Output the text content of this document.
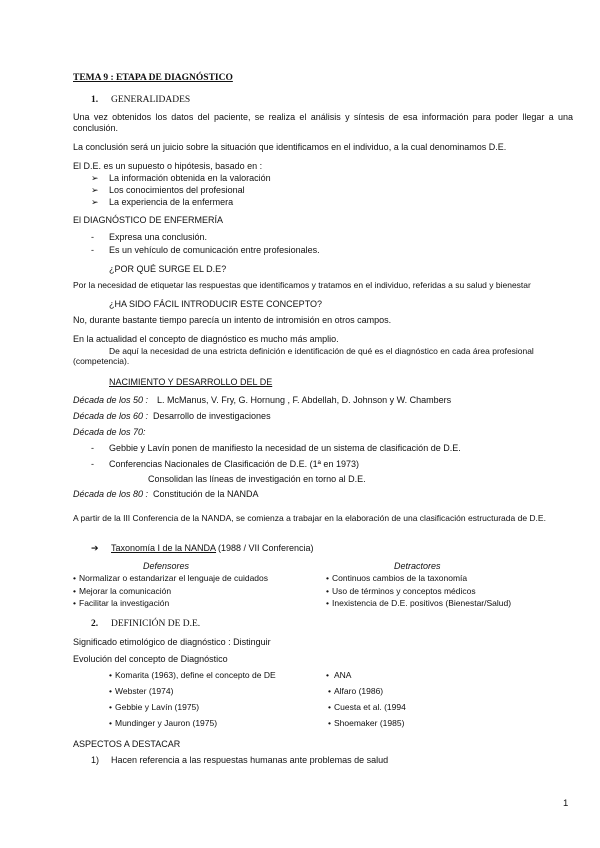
TEMA 9 : ETAPA DE DIAGNÓSTICO
1. GENERALIDADES
Una vez obtenidos los datos del paciente, se realiza el análisis y síntesis de esa información para poder llegar a una conclusión.
La conclusión será un juicio sobre la situación que identificamos en el individuo, a la cual denominamos D.E.
El D.E. es un supuesto o hipótesis, basado en :
➢ La información obtenida en la valoración
➢ Los conocimientos del profesional
➢ La experiencia de la enfermera
El DIAGNÓSTICO DE ENFERMERÍA
- Expresa una conclusión.
- Es un vehículo de comunicación entre profesionales.
¿POR QUÉ SURGE EL D.E?
Por la necesidad de etiquetar las respuestas que identificamos y tratamos en el individuo, referidas a su salud y bienestar
¿HA SIDO FÁCIL INTRODUCIR ESTE CONCEPTO?
No, durante bastante tiempo parecía un intento de intromisión en otros campos.
En la actualidad el concepto de diagnóstico es mucho más amplio.
De aquí la necesidad de una estricta definición e identificación de qué es el diagnóstico en cada área profesional (competencia).
NACIMIENTO Y DESARROLLO DEL DE
Década de los 50 : L. McManus, V. Fry, G. Hornung , F. Abdellah, D. Johnson y W. Chambers
Década de los 60 : Desarrollo de investigaciones
Década de los 70:
- Gebbie y Lavín ponen de manifiesto la necesidad de un sistema de clasificación de D.E.
- Conferencias Nacionales de Clasificación de D.E. (1ª en 1973)
Consolidan las líneas de investigación en torno al D.E.
Década de los 80 : Constitución de la NANDA
A partir de la III Conferencia de la NANDA, se comienza a trabajar en la elaboración de una clasificación estructurada de D.E.
➔ Taxonomía I de la NANDA (1988 / VII Conferencia)
Defensores	Detractores
• Normalizar o estandarizar el lenguaje de cuidados
• Mejorar la comunicación
• Facilitar la investigación
• Continuos cambios de la taxonomía
• Uso de términos y conceptos médicos
• Inexistencia de D.E. positivos (Bienestar/Salud)
2. DEFINICIÓN DE D.E.
Significado etimológico de diagnóstico : Distinguir
Evolución del concepto de Diagnóstico
• Komarita (1963), define el concepto de DE
• Webster (1974)
• Gebbie y Lavín (1975)
• Mundinger y Jauron (1975)
• ANA
• Alfaro (1986)
• Cuesta et al. (1994
• Shoemaker (1985)
ASPECTOS A DESTACAR
1) Hacen referencia a las respuestas humanas ante problemas de salud
1
